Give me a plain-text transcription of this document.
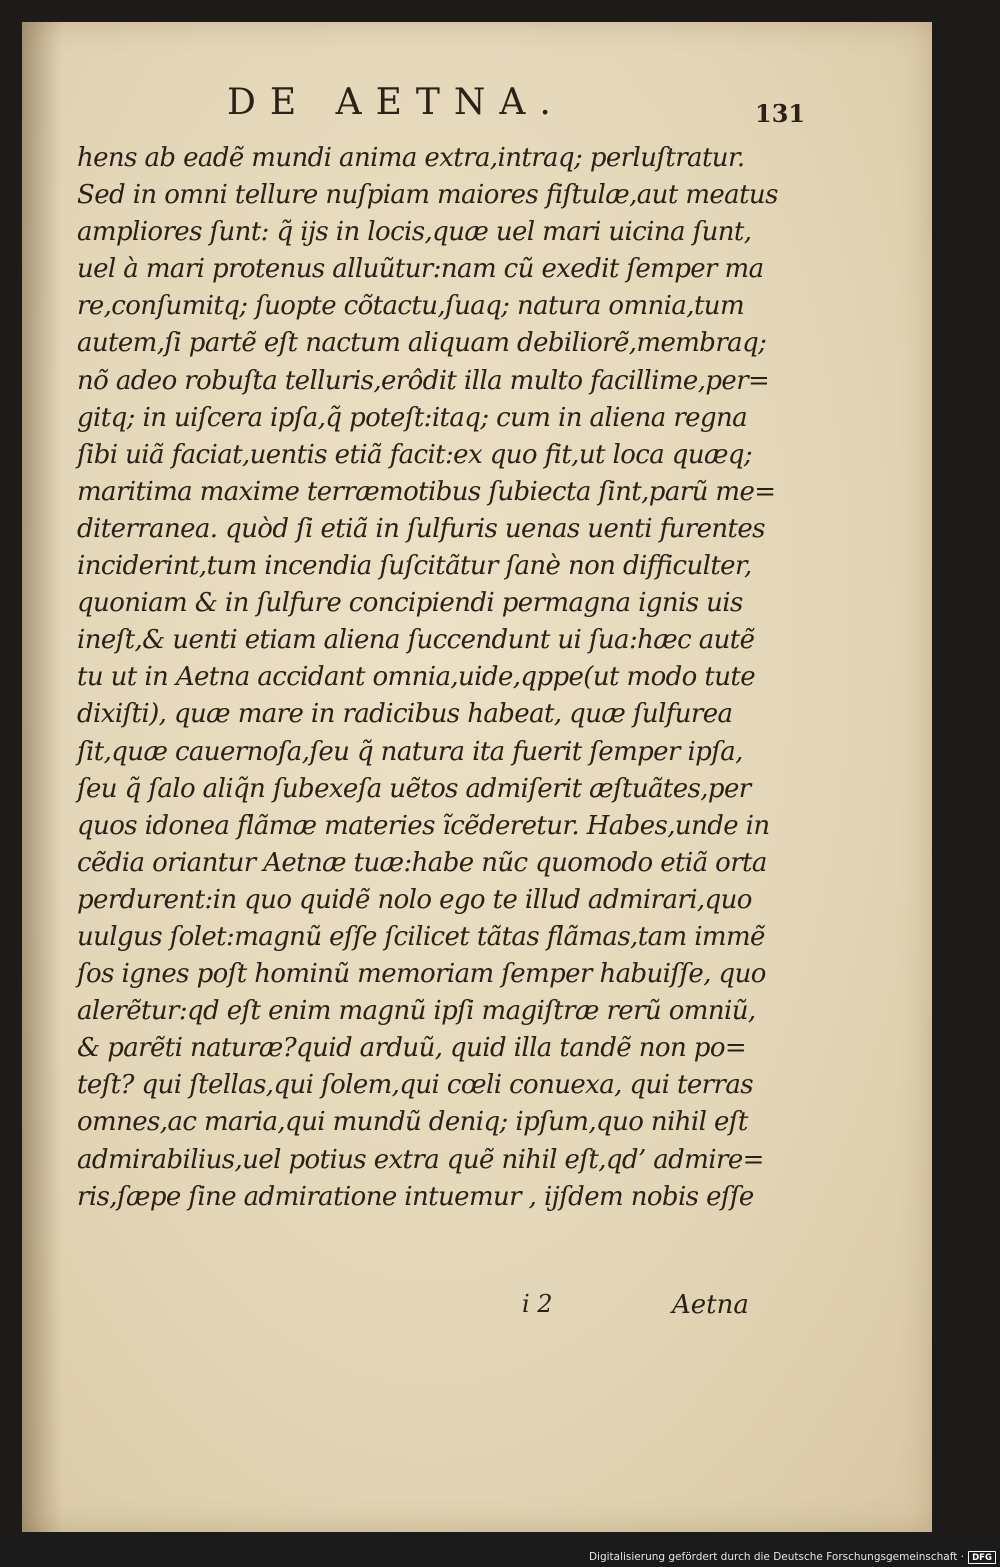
DE AETNA.	131
hens ab eadẽ mundi anima extra,intraq; perluſtratur.
Sed in omni tellure nuſpiam maiores fiſtulæ,aut meatus
ampliores ſunt: q̃ ijs in locis,quæ uel mari uicina ſunt,
uel à mari protenus alluũtur:nam cũ exedit ſemper ma
re,conſumitq; ſuopte cõtactu,ſuaq; natura omnia,tum
autem,ſi partẽ eſt nactum aliquam debiliorẽ,membraq;
nõ adeo robuſta telluris,erôdit illa multo facillime,per=
gitq; in uiſcera ipſa,q̃ poteſt:itaq; cum in aliena regna
ſibi uiã faciat,uentis etiã facit:ex quo fit,ut loca quæq;
maritima maxime terræmotibus ſubiecta ſint,parũ me=
diterranea. quòd ſi etiã in ſulfuris uenas uenti furentes
inciderint,tum incendia ſuſcitãtur ſanè non difficulter,
quoniam & in ſulfure concipiendi permagna ignis uis
ineſt,& uenti etiam aliena ſuccendunt ui ſua:hæc autẽ
tu ut in Aetna accidant omnia,uide,qppe(ut modo tute
dixiſti), quæ mare in radicibus habeat, quæ ſulfurea
ſit,quæ cauernoſa,ſeu q̃ natura ita fuerit ſemper ipſa,
ſeu q̃ ſalo aliq̃n ſubexeſa uẽtos admiſerit æſtuãtes,per
quos idonea flãmæ materies ĩcẽderetur. Habes,unde in
cẽdia oriantur Aetnæ tuæ:habe nũc quomodo etiã orta
perdurent:in quo quidẽ nolo ego te illud admirari,quo
uulgus ſolet:magnũ eſſe ſcilicet tãtas flãmas,tam immẽ
ſos ignes poſt hominũ memoriam ſemper habuiſſe, quo
alerẽtur:qd eſt enim magnũ ipſi magiſtræ rerũ omniũ,
& parẽti naturæ?quid arduũ, quid illa tandẽ non po=
teſt? qui ſtellas,qui ſolem,qui cœli conuexa, qui terras
omnes,ac maria,qui mundũ deniq; ipſum,quo nihil eſt
admirabilius,uel potius extra quẽ nihil eſt,qd’ admire=
ris,ſæpe ſine admiratione intuemur , ijſdem nobis eſſe
i 2	Aetna
Digitalisierung gefördert durch die Deutsche Forschungsgemeinschaft · DFG
